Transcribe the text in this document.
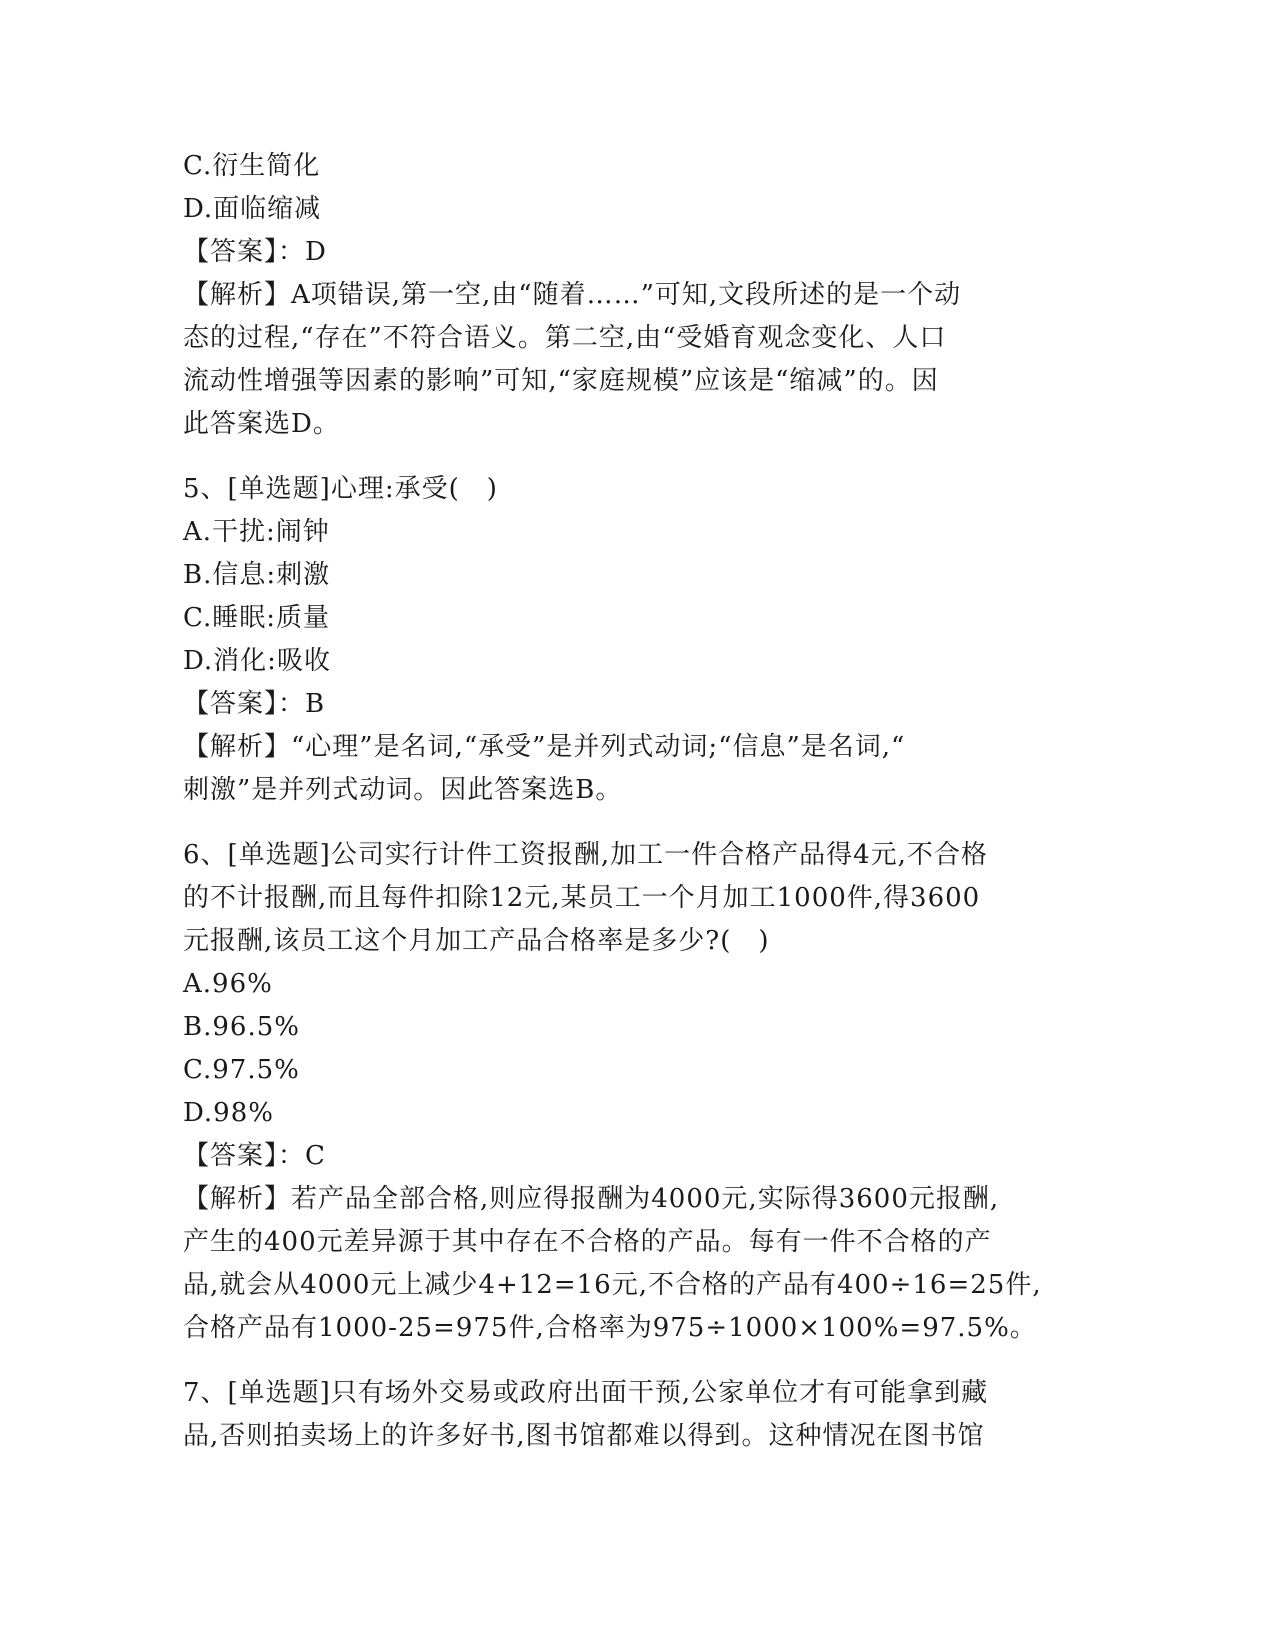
C.衍生简化
D.面临缩减
【答案】：D
【解析】A项错误,第一空,由“随着……”可知,文段所述的是一个动
态的过程,“存在”不符合语义。第二空,由“受婚育观念变化、人口
流动性增强等因素的影响”可知,“家庭规模”应该是“缩减”的。因
此答案选D。
5、[单选题]心理:承受(　)
A.干扰:闹钟
B.信息:刺激
C.睡眠:质量
D.消化:吸收
【答案】：B
【解析】“心理”是名词,“承受”是并列式动词;“信息”是名词,“
刺激”是并列式动词。因此答案选B。
6、[单选题]公司实行计件工资报酬,加工一件合格产品得4元,不合格
的不计报酬,而且每件扣除12元,某员工一个月加工1000件,得3600
元报酬,该员工这个月加工产品合格率是多少?(　)
A.96%
B.96.5%
C.97.5%
D.98%
【答案】：C
【解析】若产品全部合格,则应得报酬为4000元,实际得3600元报酬,
产生的400元差异源于其中存在不合格的产品。每有一件不合格的产
品,就会从4000元上减少4+12=16元,不合格的产品有400÷16=25件,
合格产品有1000-25=975件,合格率为975÷1000×100%=97.5%。
7、[单选题]只有场外交易或政府出面干预,公家单位才有可能拿到藏
品,否则拍卖场上的许多好书,图书馆都难以得到。这种情况在图书馆
